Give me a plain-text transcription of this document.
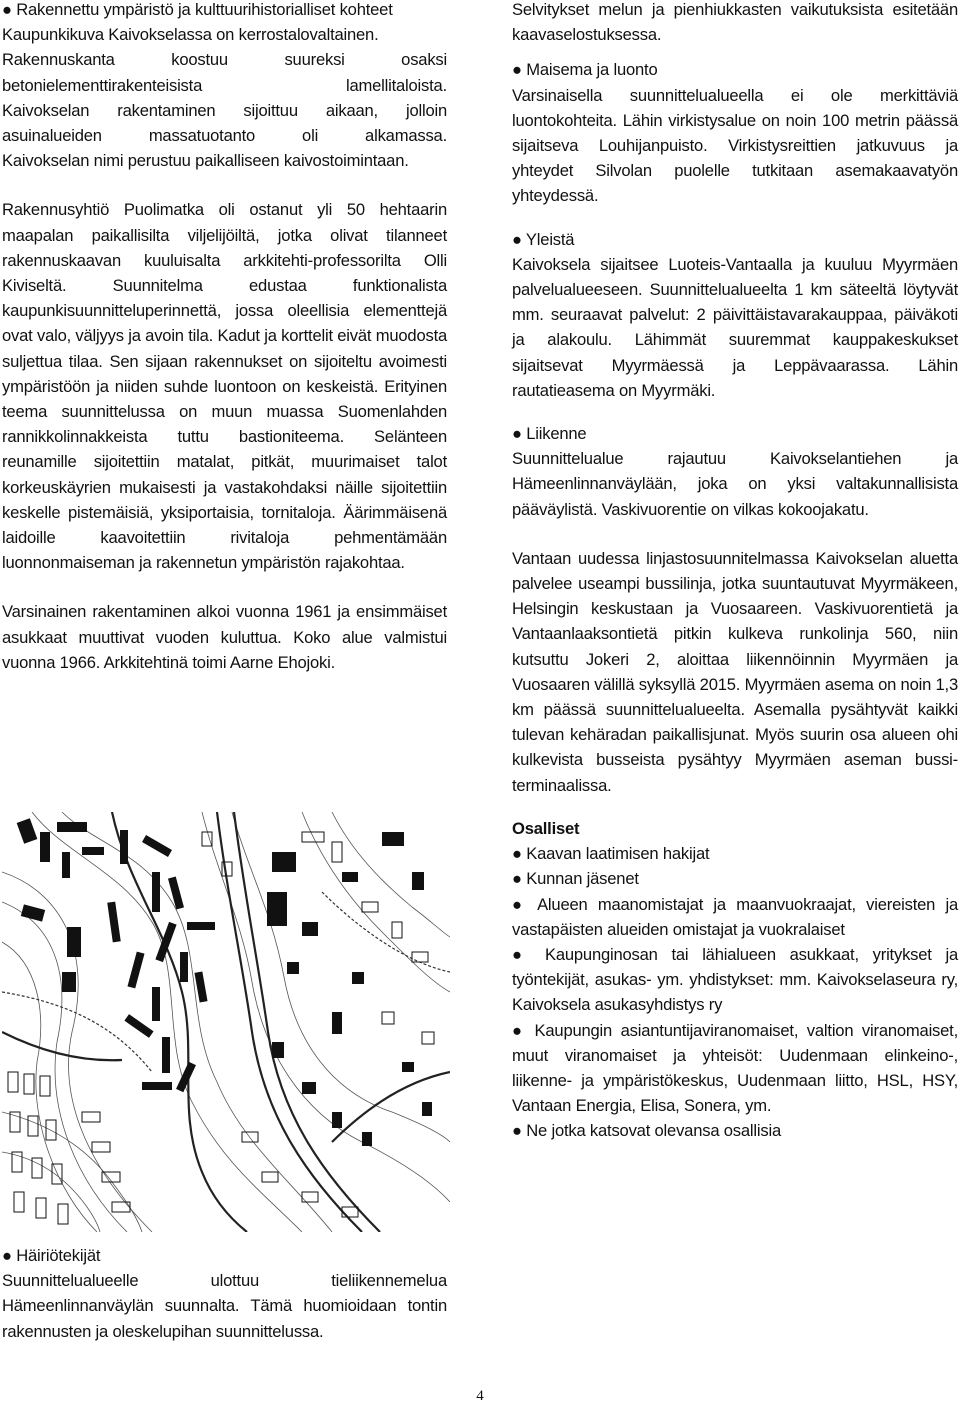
● Rakennettu ympäristö ja kulttuurihistorialliset kohteet

Kaupunkikuva Kaivokselassa on kerrostalovaltainen.

Rakennuskanta koostuu suureksi osaksi betonielementtirakenteisista lamellitaloista.

Kaivokselan rakentaminen sijoittuu aikaan, jolloin asuinalueiden massatuotanto oli alkamassa.

Kaivokselan nimi perustuu paikalliseen kaivostoimintaan.

Rakennusyhtiö Puolimatka oli ostanut yli 50 hehtaarin maapalan paikallisilta viljelijöiltä, jotka olivat tilanneet rakennuskaavan kuuluisalta arkkitehti-professorilta Olli Kiviseltä. Suunnitelma edustaa funktionalista kaupunkisuunnitteluperinnettä, jossa oleellisia elementtejä ovat valo, väljyys ja avoin tila. Kadut ja korttelit eivät muodosta suljettua tilaa. Sen sijaan rakennukset on sijoiteltu avoimesti ympäristöön ja niiden suhde luontoon on keskeistä. Erityinen teema suunnittelussa on muun muassa Suomenlahden rannikkolinnakkeista tuttu bastioniteema. Selänteen reunamille sijoitettiin matalat, pitkät, muurimaiset talot korkeuskäyrien mukaisesti ja vastakohdaksi näille sijoitettiin keskelle pistemäisiä, yksiportaisia, tornitaloja. Äärimmäisenä laidoille kaavoitettiin rivitaloja pehmentämään luonnonmaiseman ja rakennetun ympäristön rajakohtaa.

Varsinainen rakentaminen alkoi vuonna 1961 ja ensimmäiset asukkaat muuttivat vuoden kuluttua. Koko alue valmistui vuonna 1966. Arkkitehtinä toimi Aarne Ehojoki.

● Häiriötekijät

Suunnittelualueelle ulottuu tieliikennemelua Hämeenlinnanväylän suunnalta. Tämä huomioidaan tontin rakennusten ja oleskelupihan suunnittelussa.

Selvitykset melun ja pienhiukkasten vaikutuksista esitetään kaavaselostuksessa.

● Maisema ja luonto

Varsinaisella suunnittelualueella ei ole merkittäviä luontokohteita. Lähin virkistysalue on noin 100 metrin päässä sijaitseva Louhijanpuisto. Virkistysreittien jatkuvuus ja yhteydet Silvolan puolelle tutkitaan asemakaavatyön yhteydessä.

● Yleistä

Kaivoksela sijaitsee Luoteis-Vantaalla ja kuuluu Myyrmäen palvelualueeseen. Suunnittelualueelta 1 km säteeltä löytyvät mm. seuraavat palvelut: 2 päivittäistavarakauppaa, päiväkoti ja alakoulu. Lähimmät suuremmat kauppakeskukset sijaitsevat Myyrmäessä ja Leppävaarassa. Lähin rautatieasema on Myyrmäki.

● Liikenne

Suunnittelualue rajautuu Kaivokselantiehen ja Hämeenlinnanväylään, joka on yksi valtakunnallisista pääväylistä. Vaskivuorentie on vilkas kokoojakatu.

Vantaan uudessa linjastosuunnitelmassa Kaivokselan aluetta palvelee useampi bussilinja, jotka suuntautuvat Myyrmäkeen, Helsingin keskustaan ja Vuosaareen. Vaskivuorentietä ja Vantaanlaaksontietä pitkin kulkeva runkolinja 560, niin kutsuttu Jokeri 2, aloittaa liikennöinnin Myyrmäen ja Vuosaaren välillä syksyllä 2015. Myyrmäen asema on noin 1,3 km päässä suunnittelualueelta. Asemalla pysähtyvät kaikki tulevan kehäradan paikallisjunat. Myös suurin osa alueen ohi kulkevista busseista pysähtyy Myyrmäen aseman bussi-terminaalissa.

Osalliset

● Kaavan laatimisen hakijat

● Kunnan jäsenet

● Alueen maanomistajat ja maanvuokraajat, viereisten ja vastapäisten alueiden omistajat ja vuokralaiset

● Kaupunginosan tai lähialueen asukkaat, yritykset ja työntekijät, asukas- ym. yhdistykset: mm. Kaivokselaseura ry, Kaivoksela asukasyhdistys ry

● Kaupungin asiantuntijaviranomaiset, valtion viranomaiset, muut viranomaiset ja yhteisöt: Uudenmaan elinkeino-, liikenne- ja ympäristökeskus, Uudenmaan liitto, HSL, HSY, Vantaan Energia, Elisa, Sonera, ym.

● Ne jotka katsovat olevansa osallisia

4
